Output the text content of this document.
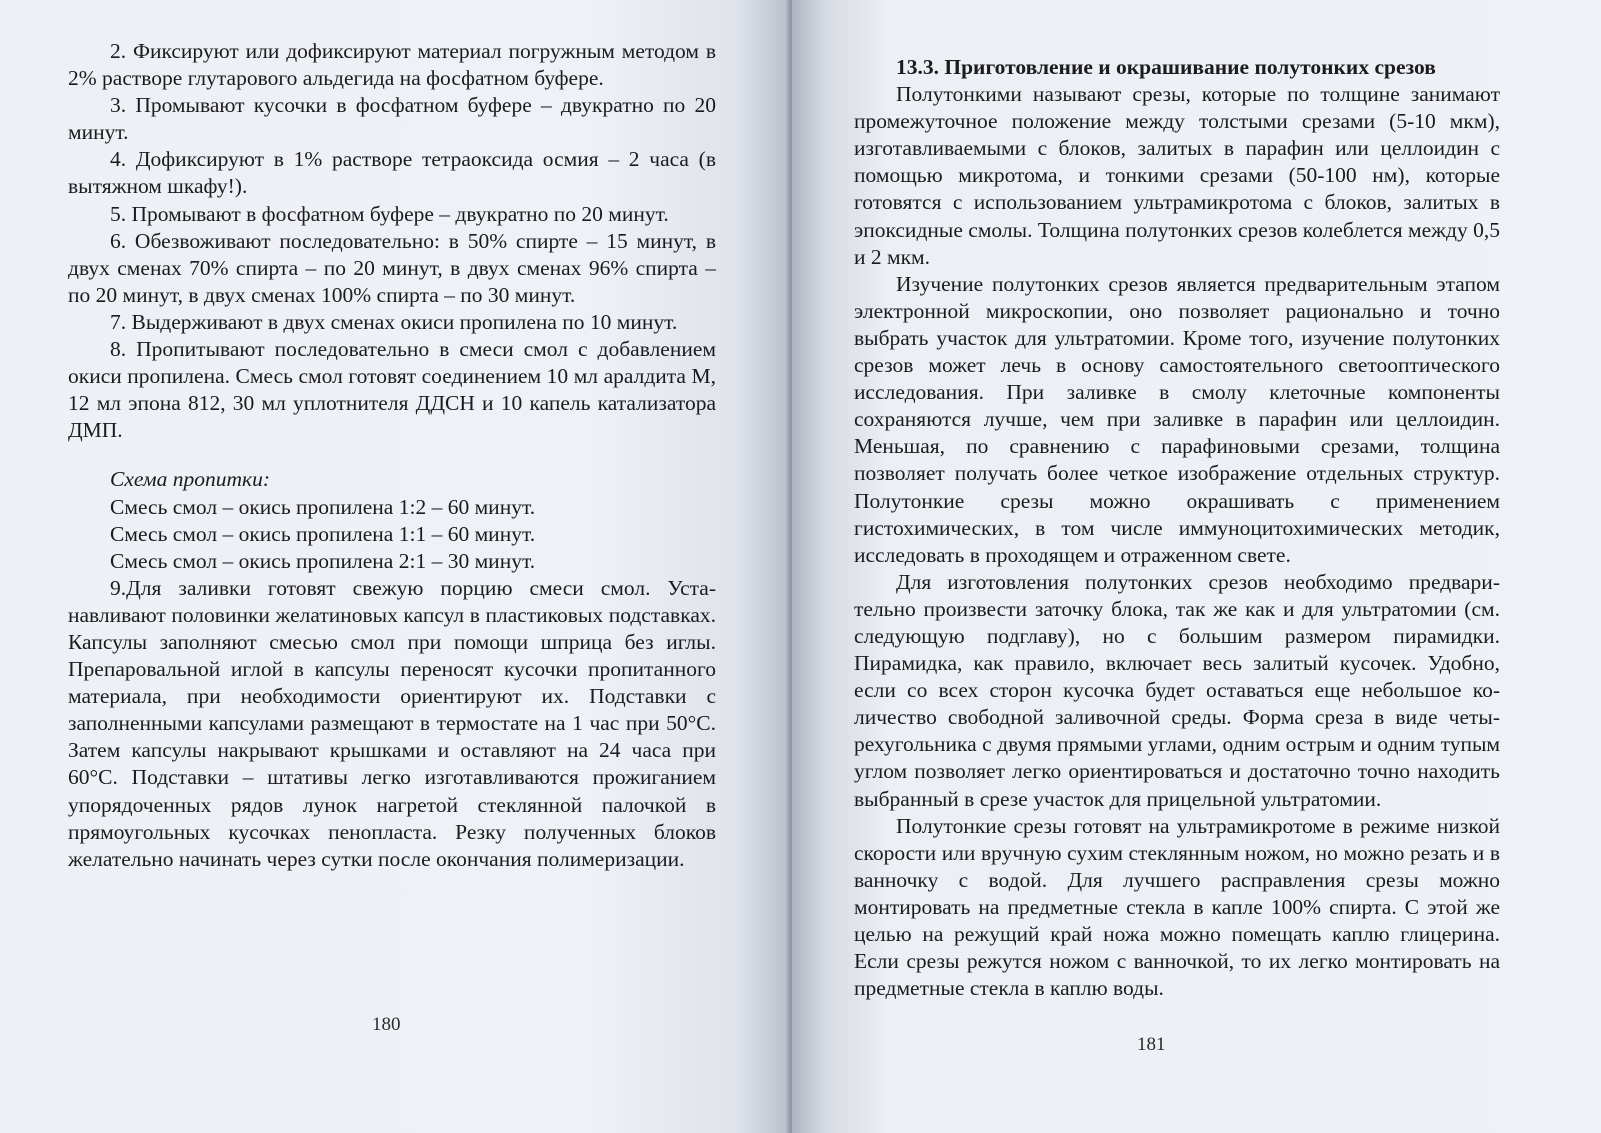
2. Фиксируют или дофиксируют материал погружным методом в 2% растворе глутарового альдегида на фосфатном буфере.

3. Промывают кусочки в фосфатном буфере – двукратно по 20 минут.

4. Дофиксируют в 1% растворе тетраоксида осмия – 2 часа (в вытяжном шкафу!).

5. Промывают в фосфатном буфере – двукратно по 20 минут.

6. Обезвоживают последовательно: в 50% спирте – 15 минут, в двух сменах 70% спирта – по 20 минут, в двух сменах 96% спирта – по 20 минут, в двух сменах 100% спирта – по 30 минут.

7. Выдерживают в двух сменах окиси пропилена по 10 минут.

8. Пропитывают последовательно в смеси смол с добавлением окиси пропилена. Смесь смол готовят соединением 10 мл аралдита М, 12 мл эпона 812, 30 мл уплотнителя ДДСН и 10 капель катализатора ДМП.

Схема пропитки:

Смесь смол – окись пропилена 1:2 – 60 минут.

Смесь смол – окись пропилена 1:1 – 60 минут.

Смесь смол – окись пропилена 2:1 – 30 минут.

9.Для заливки готовят свежую порцию смеси смол. Устанавливают половинки желатиновых капсул в пластиковых подставках. Капсулы заполняют смесью смол при помощи шприца без иглы. Препаровальной иглой в капсулы переносят кусочки пропитанного материала, при необходимости ориентируют их. Подставки с заполненными капсулами размещают в термостате на 1 час при 50°С. Затем капсулы накрывают крышками и оставляют на 24 часа при 60°С. Подставки – штативы легко изготавливаются прожиганием упорядоченных рядов лунок нагретой стеклянной палочкой в прямоугольных кусочках пенопласта. Резку полученных блоков желательно начинать через сутки после окончания полимеризации.

180

13.3. Приготовление и окрашивание полутонких срезов

Полутонкими называют срезы, которые по толщине занимают промежуточное положение между толстыми срезами (5-10 мкм), изготавливаемыми с блоков, залитых в парафин или целлоидин с помощью микротома, и тонкими срезами (50-100 нм), которые готовятся с использованием ультрамикротома с блоков, залитых в эпоксидные смолы. Толщина полутонких срезов колеблется между 0,5 и 2 мкм.

Изучение полутонких срезов является предварительным этапом электронной микроскопии, оно позволяет рационально и точно выбрать участок для ультратомии. Кроме того, изучение полутонких срезов может лечь в основу самостоятельного светооптического исследования. При заливке в смолу клеточные компоненты сохраняются лучше, чем при заливке в парафин или целлоидин. Меньшая, по сравнению с парафиновыми срезами, толщина позволяет получать более четкое изображение отдельных структур. Полутонкие срезы можно окрашивать с применением гистохимических, в том числе иммуноцитохимических методик, исследовать в проходящем и отраженном свете.

Для изготовления полутонких срезов необходимо предварительно произвести заточку блока, так же как и для ультратомии (см. следующую подглаву), но с большим размером пирамидки. Пирамидка, как правило, включает весь залитый кусочек. Удобно, если со всех сторон кусочка будет оставаться еще небольшое количество свободной заливочной среды. Форма среза в виде четырехугольника с двумя прямыми углами, одним острым и одним тупым углом позволяет легко ориентироваться и достаточно точно находить выбранный в срезе участок для прицельной ультратомии.

Полутонкие срезы готовят на ультрамикротоме в режиме низкой скорости или вручную сухим стеклянным ножом, но можно резать и в ванночку с водой. Для лучшего расправления срезы можно монтировать на предметные стекла в капле 100% спирта. С этой же целью на режущий край ножа можно помещать каплю глицерина. Если срезы режутся ножом с ванночкой, то их легко монтировать на предметные стекла в каплю воды.

181
